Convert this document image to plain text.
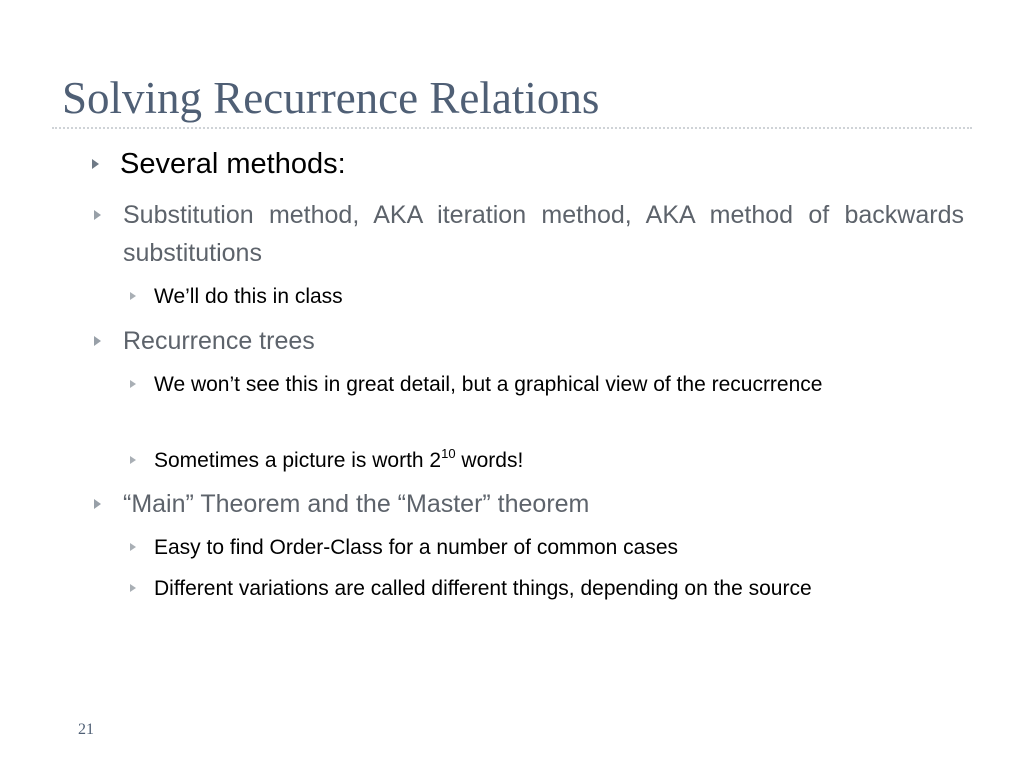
Solving Recurrence Relations
Several methods:
Substitution method, AKA iteration method, AKA method of backwards substitutions
We’ll do this in class
Recurrence trees
We won’t see this in great detail, but a graphical view of the recucrrence
Sometimes a picture is worth $2^{10}$ words!
“Main” Theorem and the “Master” theorem
Easy to find Order-Class for a number of common cases
Different variations are called different things, depending on the source
21
